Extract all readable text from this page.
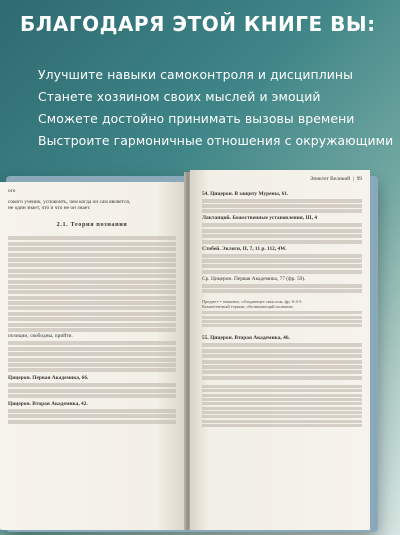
БЛАГОДАРЯ ЭТОЙ КНИГЕ ВЫ:
Улучшите навыки самоконтроля и дисциплины
Станете хозяином своих мыслей и эмоций
Сможете достойно принимать вызовы времени
Выстроите гармоничные отношения с окружающими
ого
сокого ученик, успокоить, чем когда он сам является,
не один знает, что и что не он знает.
2.1. Теория познания
позиции, свободны, прийти.
Цицерон. Первая Академика, 66.
Цицерон. Вторая Академика, 42.
Эпиктет Великий  |  99
54. Цицерон. В защиту Мурены, 61.
Лактанций. Божественные установления, III, 4
Стобей. Эклоги, II, 7, 11 p. 112, 4W.
Ср. Цицерон. Первая Академика, 77 (фр. 59).
Предмет = знаковое, обладающее смыслом, фр. 6-4-5.
Компетентный термин, обозначающий познание.
55. Цицерон. Вторая Академика, 46.
